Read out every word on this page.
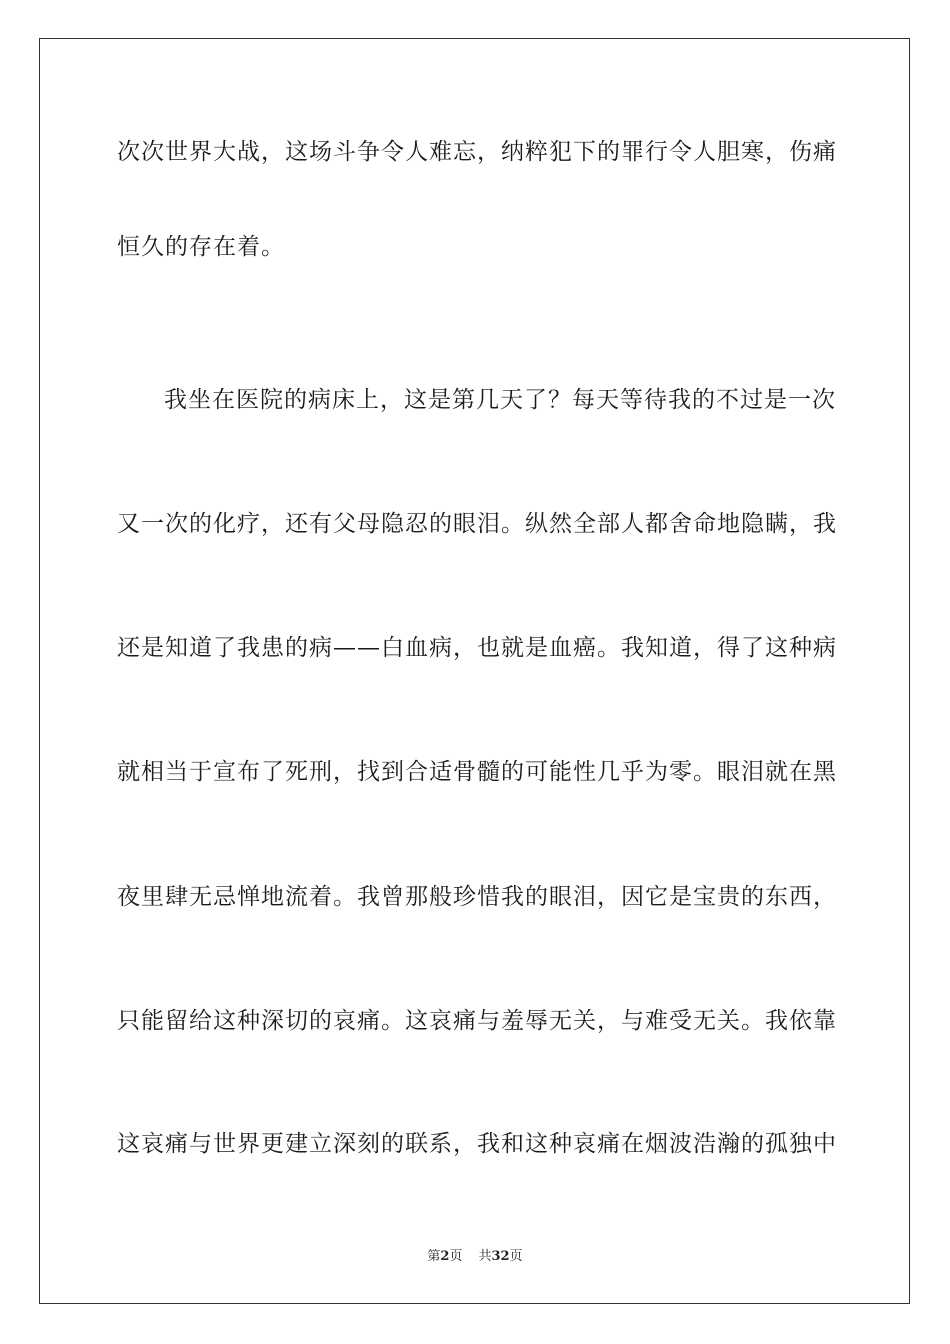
次次世界大战，这场斗争令人难忘，纳粹犯下的罪行令人胆寒，伤痛
恒久的存在着。
我坐在医院的病床上，这是第几天了？每天等待我的不过是一次
又一次的化疗，还有父母隐忍的眼泪。纵然全部人都舍命地隐瞒，我
还是知道了我患的病——白血病，也就是血癌。我知道，得了这种病
就相当于宣布了死刑，找到合适骨髓的可能性几乎为零。眼泪就在黑
夜里肆无忌惮地流着。我曾那般珍惜我的眼泪，因它是宝贵的东西，
只能留给这种深切的哀痛。这哀痛与羞辱无关，与难受无关。我依靠
这哀痛与世界更建立深刻的联系，我和这种哀痛在烟波浩瀚的孤独中
第2页 共32页
